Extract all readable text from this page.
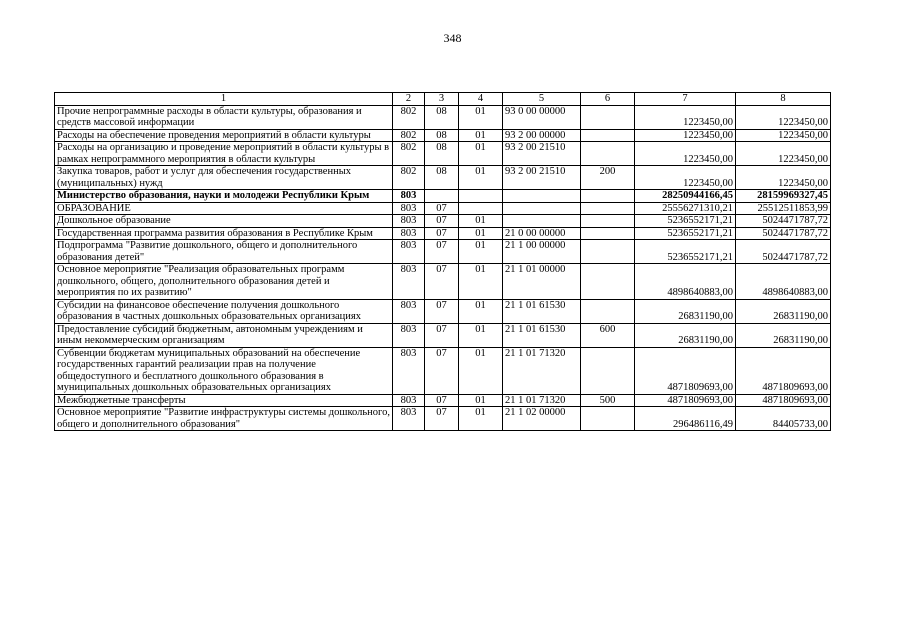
348
1	2	3	4	5	6	7	8
Прочие непрограммные расходы в области культуры, образования и средств массовой информации	802	08	01	93 0 00 00000		1223450,00	1223450,00
Расходы на обеспечение проведения мероприятий в области культуры	802	08	01	93 2 00 00000		1223450,00	1223450,00
Расходы на организацию и проведение мероприятий в области культуры в рамках непрограммного мероприятия в области культуры	802	08	01	93 2 00 21510		1223450,00	1223450,00
Закупка товаров, работ и услуг для обеспечения государственных (муниципальных) нужд	802	08	01	93 2 00 21510	200	1223450,00	1223450,00
Министерство образования, науки и молодежи Республики Крым	803					28250944166,45	28159969327,45
ОБРАЗОВАНИЕ	803	07				25556271310,21	25512511853,99
Дошкольное образование	803	07	01			5236552171,21	5024471787,72
Государственная программа развития образования в Республике Крым	803	07	01	21 0 00 00000		5236552171,21	5024471787,72
Подпрограмма "Развитие дошкольного, общего и дополнительного образования детей"	803	07	01	21 1 00 00000		5236552171,21	5024471787,72
Основное мероприятие "Реализация образовательных программ дошкольного, общего, дополнительного образования детей и мероприятия по их развитию"	803	07	01	21 1 01 00000		4898640883,00	4898640883,00
Субсидии на финансовое обеспечение получения дошкольного образования в частных дошкольных образовательных организациях	803	07	01	21 1 01 61530		26831190,00	26831190,00
Предоставление субсидий бюджетным, автономным учреждениям и иным некоммерческим организациям	803	07	01	21 1 01 61530	600	26831190,00	26831190,00
Субвенции бюджетам муниципальных образований на обеспечение государственных гарантий реализации прав на получение общедоступного и бесплатного дошкольного образования в муниципальных дошкольных образовательных организациях	803	07	01	21 1 01 71320		4871809693,00	4871809693,00
Межбюджетные трансферты	803	07	01	21 1 01 71320	500	4871809693,00	4871809693,00
Основное мероприятие "Развитие инфраструктуры системы дошкольного, общего и дополнительного образования"	803	07	01	21 1 02 00000		296486116,49	84405733,00
